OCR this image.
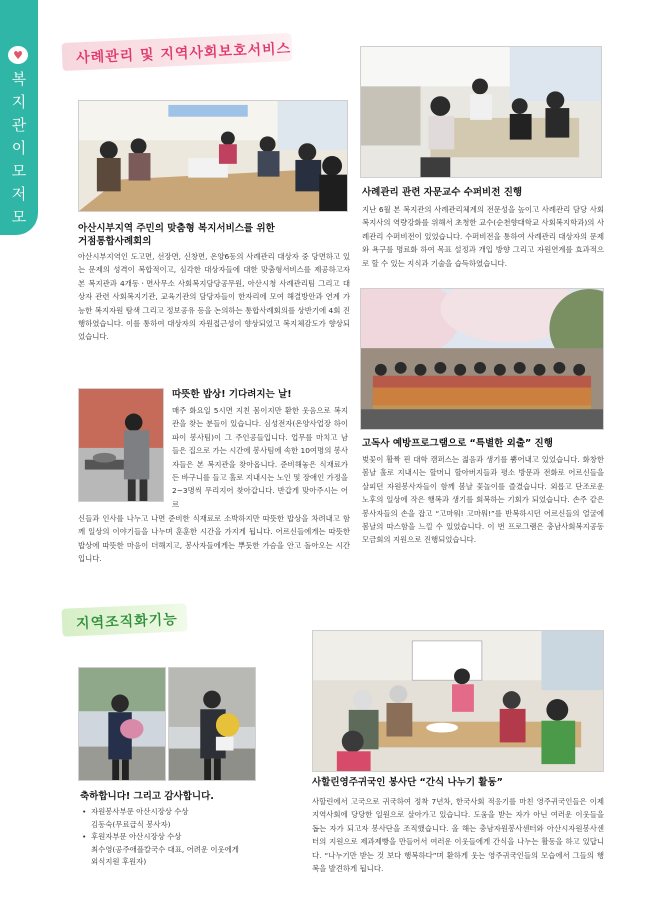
♥
복
지
관
이
모
저
모
사례관리 및 지역사회보호서비스
지역조직화기능
아산시부지역 주민의 맞춤형 복지서비스를 위한
거점통합사례회의

아산시부지역인 도고면, 선장면, 신창면, 온양6동의 사례관리 대상자 중 당면하고 있는 문제의 성격이 복합적이고, 심각한 대상자들에 대한 맞춤형서비스를 제공하고자 본 복지관과 4개동ㆍ면사무소 사회복지담당공무원, 아산시청 사례관리팀 그리고 대상자 관련 사회복지기관, 교육기관의 담당자들이 한자리에 모여 해결방안과 연계 가능한 복지자원 탐색 그리고 정보공유 등을 논의하는 통합사례회의를 상반기에 4회 진행하였습니다. 이를 통하여 대상자의 자원접근성이 향상되었고 복지체감도가 향상되었습니다.

따뜻한 밥상! 기다려지는 날!

매주 화요일 5시면 지친 몸이지만 환한 웃음으로 복지관을 찾는 분들이 있습니다. 심성전자(온양사업장 하이파이 봉사팀)이 그 주인공들입니다. 업무를 마치고 남들은 집으로 가는 시간에 봉사팀에 속한 10여명의 봉사자들은 본 복지관을 찾아옵니다. 준비해놓은 식재료가 든 바구니를 들고 홀로 지내시는 노인 및 장애인 가정을 2~3명씩 무리지어 찾아갑니다. 반갑게 맞아주시는 어르

신들과 인사를 나누고 나면 준비한 식재료로 소박하지만 따뜻한 밥상을 차려내고 함께 일상의 이야기들을 나누며 훈훈한 시간을 가지게 됩니다. 어르신들에게는 따뜻한 밥상에 따뜻한 마음이 더해지고, 봉사자들에게는 뿌듯한 가슴을 안고 돌아오는 시간입니다.

사례관리 관련 자문교수 수퍼비전 진행

지난 6월 본 복지관의 사례관리체계의 전문성을 높이고 사례관리 담당 사회복지사의 역량강화를 위해서 초청한 교수(순천향대학교 사회복지학과)의 사례관리 수퍼비전이 있었습니다. 수퍼비전을 통하여 사례관리 대상자의 문제와 욕구를 명료화 하여 목표 설정과 개입 방향 그리고 자원연계를 효과적으로 할 수 있는 지식과 기술을 습득하였습니다.

고독사 예방프로그램으로 “특별한 외출” 진행

벚꽃이 활짝 핀 대학 캠퍼스는 젊음과 생기를 뿜어내고 있었습니다. 화창한 봄날 홀로 지내시는 할머니 할아버지들과 평소 방문과 전화로 어르신들을 살피던 자원봉사자들이 함께 봄날 꽃놀이를 즐겼습니다. 외롭고 단조로운 노후의 일상에 작은 행복과 생기를 회복하는 기회가 되었습니다. 손주 같은 봉사자들의 손을 잡고 “고마워! 고마워!”를 반복하시던 어르신들의 얼굴에 봄날의 따스함을 느낄 수 있었습니다. 이 번 프로그램은 충남사회복지공동모금회의 지원으로 진행되었습니다.

축하합니다! 그리고 감사합니다.
• 자원봉사부문 아산시장상 수상
김동숙(무료급식 봉사자)
• 후원자부문 아산시장상 수상
최수영(공주애플칼국수 대표, 어려운 이웃에게
외식지원 후원자)
사할린영주귀국인 봉사단 “간식 나누기 활동”

사할린에서 고국으로 귀국하여 정착 7년차, 한국사회 적응기를 마친 영주귀국인들은 이제 지역사회에 당당한 일원으로 살아가고 있습니다. 도움을 받는 자가 아닌 여러운 이웃들을 돕는 자가 되고자 봉사단을 조직했습니다. 올 해는 충남자원봉사센터와 아산시자원봉사센터의 지원으로 제과제빵을 만들어서 여러운 이웃들에게 간식을 나누는 활동을 하고 있답니다. “나누기만 받는 것 보다 행복하다”며 환하게 웃는 영주귀국인들의 모습에서 그들의 행복을 발견하게 됩니다.
